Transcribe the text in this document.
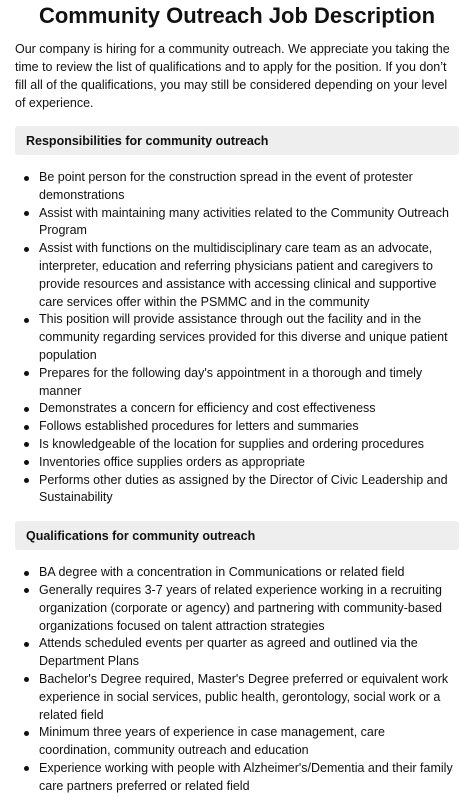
Community Outreach Job Description

Our company is hiring for a community outreach. We appreciate you taking the time to review the list of qualifications and to apply for the position. If you don’t fill all of the qualifications, you may still be considered depending on your level of experience.

Responsibilities for community outreach
Be point person for the construction spread in the event of protester demonstrations
Assist with maintaining many activities related to the Community Outreach Program
Assist with functions on the multidisciplinary care team as an advocate, interpreter, education and referring physicians patient and caregivers to provide resources and assistance with accessing clinical and supportive care services offer within the PSMMC and in the community
This position will provide assistance through out the facility and in the community regarding services provided for this diverse and unique patient population
Prepares for the following day's appointment in a thorough and timely manner
Demonstrates a concern for efficiency and cost effectiveness
Follows established procedures for letters and summaries
Is knowledgeable of the location for supplies and ordering procedures
Inventories office supplies orders as appropriate
Performs other duties as assigned by the Director of Civic Leadership and Sustainability
Qualifications for community outreach
BA degree with a concentration in Communications or related field
Generally requires 3-7 years of related experience working in a recruiting organization (corporate or agency) and partnering with community-based organizations focused on talent attraction strategies
Attends scheduled events per quarter as agreed and outlined via the Department Plans
Bachelor's Degree required, Master's Degree preferred or equivalent work experience in social services, public health, gerontology, social work or a related field
Minimum three years of experience in case management, care coordination, community outreach and education
Experience working with people with Alzheimer's/Dementia and their family care partners preferred or related field
